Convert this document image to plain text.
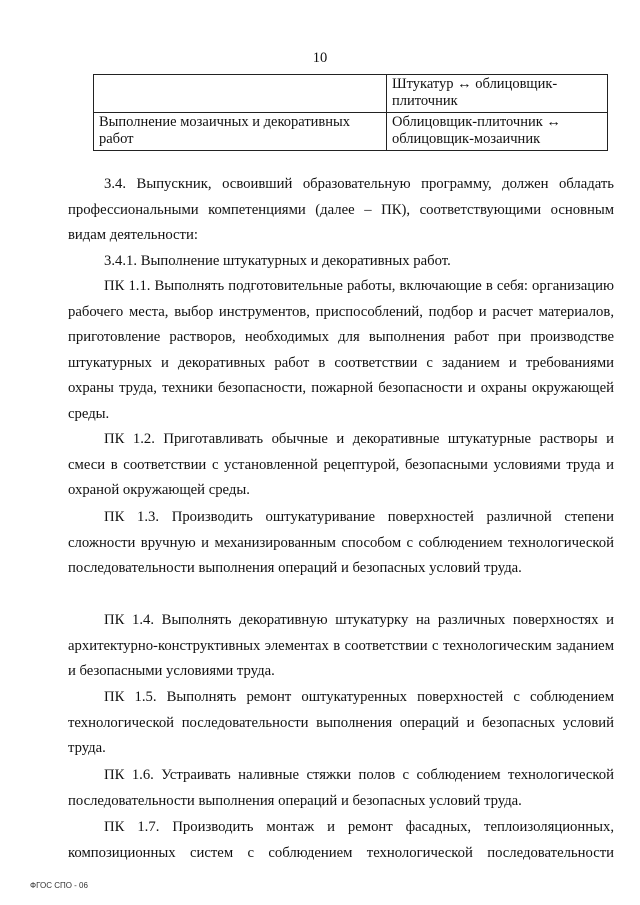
10
	Штукатур ↔ облицовщик-плиточник
Выполнение мозаичных и декоративных работ	Облицовщик-плиточник ↔ облицовщик-мозаичник

3.4. Выпускник, освоивший образовательную программу, должен обладать профессиональными компетенциями (далее – ПК), соответствующими основным видам деятельности:

3.4.1. Выполнение штукатурных и декоративных работ.

ПК 1.1. Выполнять подготовительные работы, включающие в себя: организацию рабочего места, выбор инструментов, приспособлений, подбор и расчет материалов, приготовление растворов, необходимых для выполнения работ при производстве штукатурных и декоративных работ в соответствии с заданием и требованиями охраны труда, техники безопасности, пожарной безопасности и охраны окружающей среды.

ПК 1.2. Приготавливать обычные и декоративные штукатурные растворы и смеси в соответствии с установленной рецептурой, безопасными условиями труда и охраной окружающей среды.

ПК 1.3. Производить оштукатуривание поверхностей различной степени сложности вручную и механизированным способом с соблюдением технологической последовательности выполнения операций и безопасных условий труда.

ПК 1.4. Выполнять декоративную штукатурку на различных поверхностях и архитектурно-конструктивных элементах в соответствии с технологическим заданием и безопасными условиями труда.

ПК 1.5. Выполнять ремонт оштукатуренных поверхностей с соблюдением технологической последовательности выполнения операций и безопасных условий труда.

ПК 1.6. Устраивать наливные стяжки полов с соблюдением технологической последовательности выполнения операций и безопасных условий труда.

ПК 1.7. Производить монтаж и ремонт фасадных, теплоизоляционных, композиционных систем с соблюдением технологической последовательности

ФГОС СПО - 06
